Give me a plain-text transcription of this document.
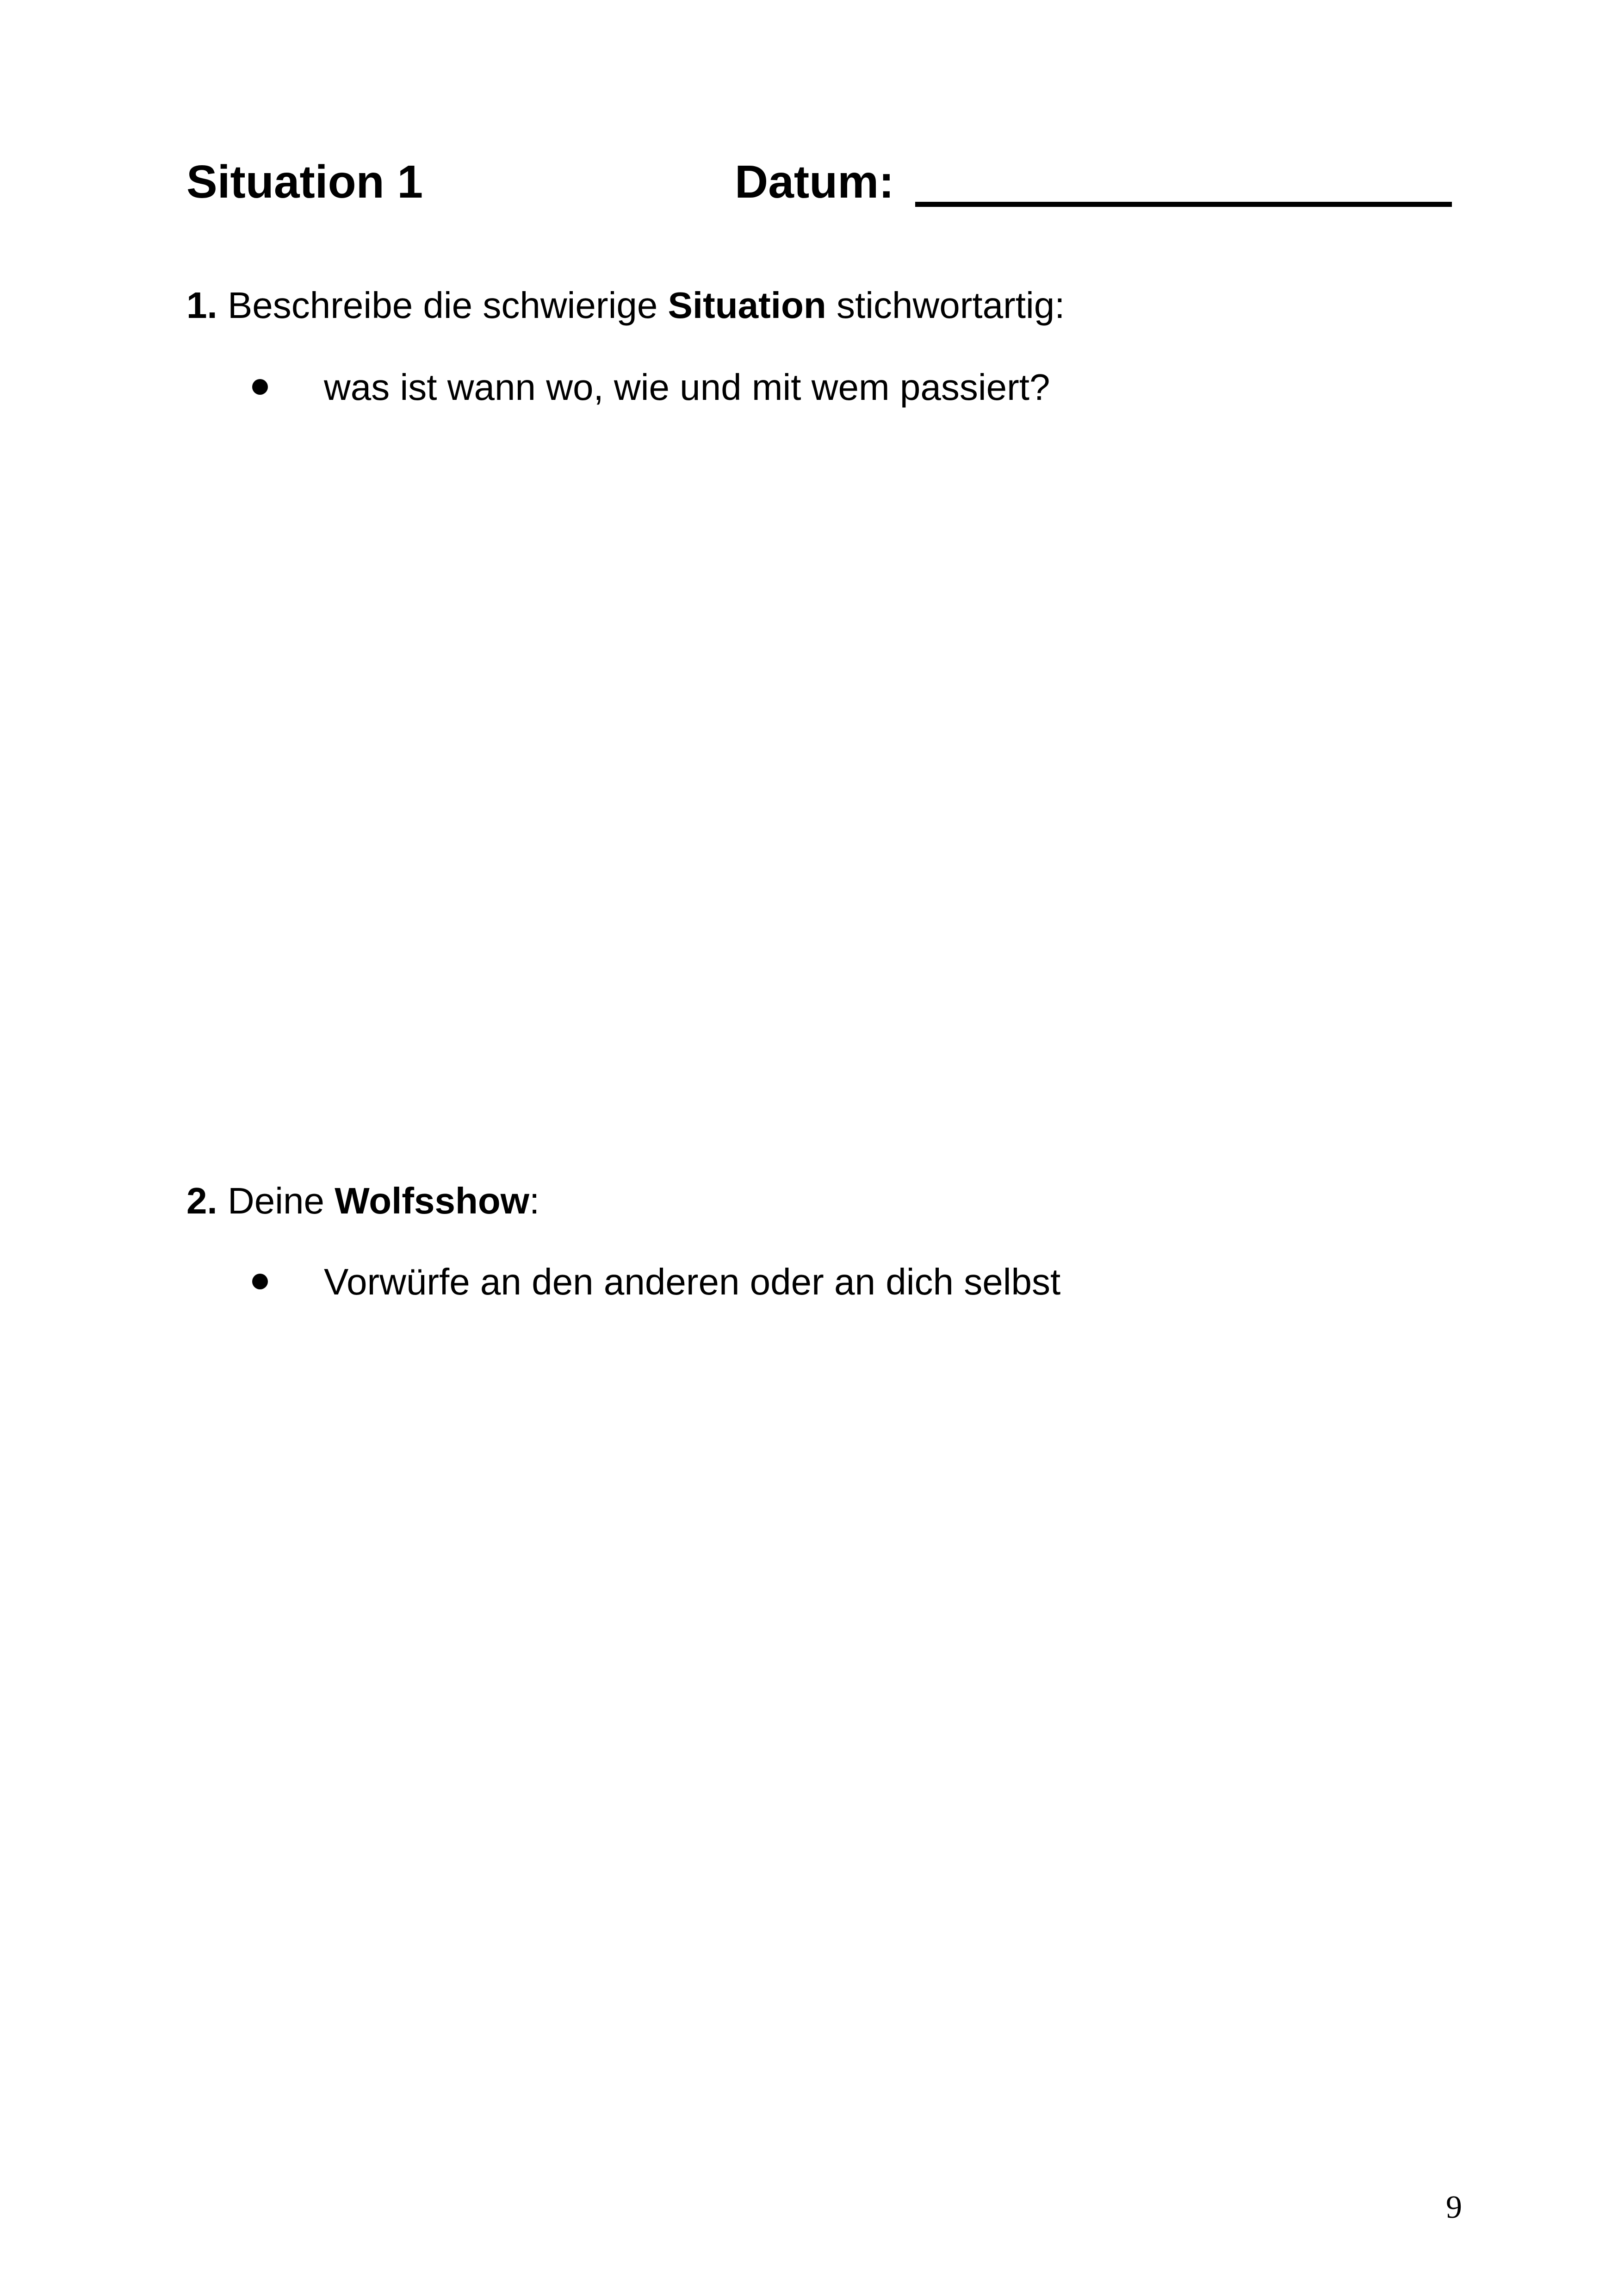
Situation 1	Datum:
1. Beschreibe die schwierige Situation stichwortartig:
was ist wann wo, wie und mit wem passiert?
2. Deine Wolfsshow:
Vorwürfe an den anderen oder an dich selbst
9
